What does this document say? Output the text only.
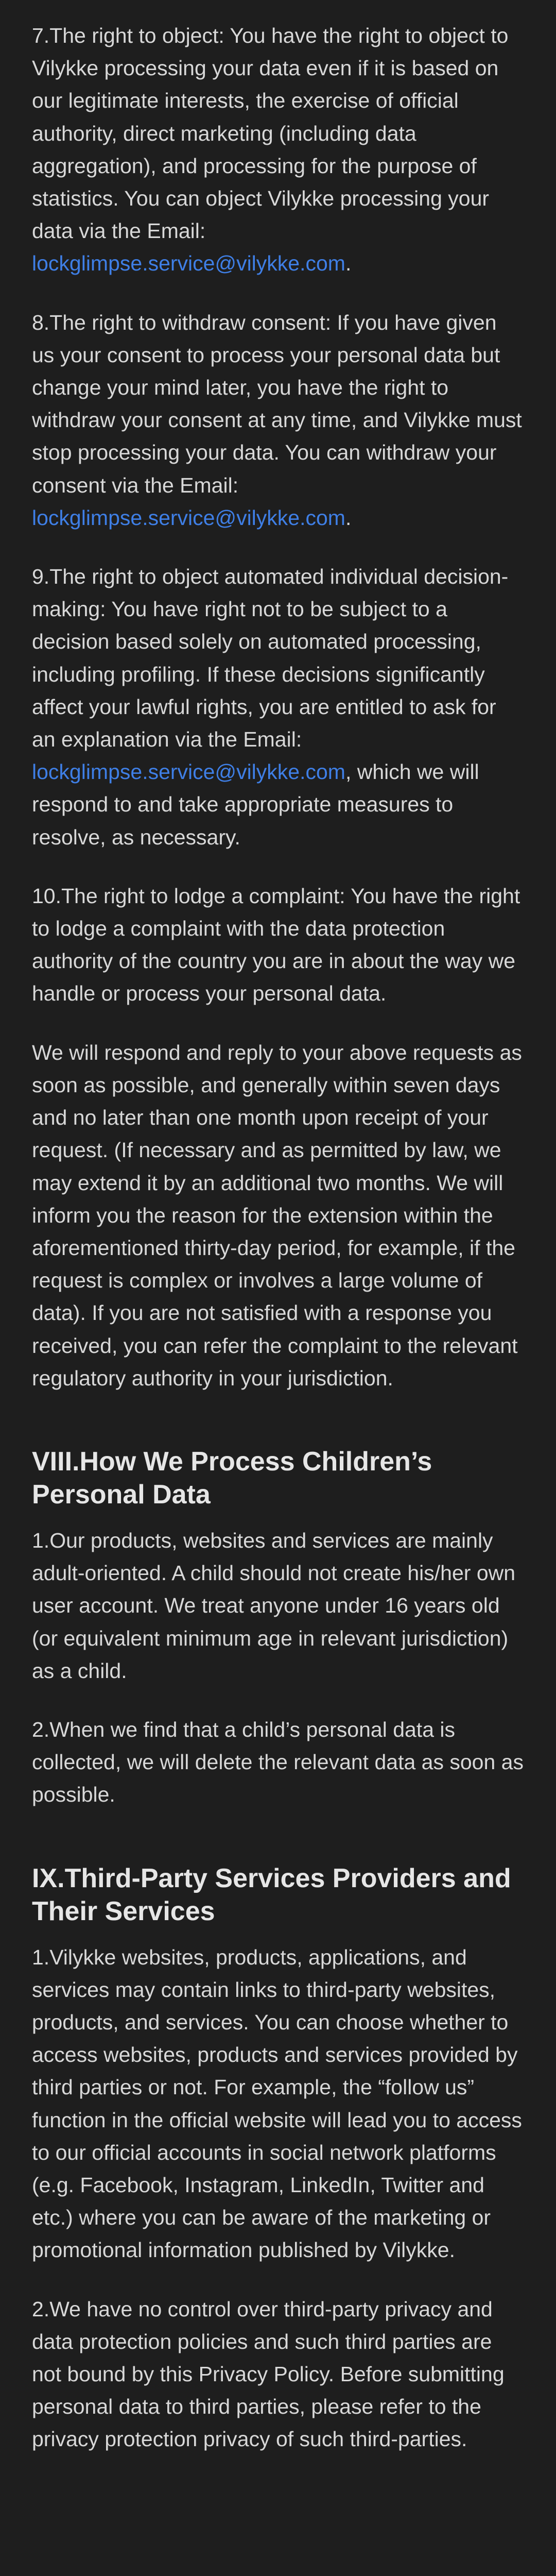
7.The right to object: You have the right to object to Vilykke processing your data even if it is based on our legitimate interests, the exercise of official authority, direct marketing (including data aggregation), and processing for the purpose of statistics. You can object Vilykke processing your data via the Email: lockglimpse.service@vilykke.com.

8.The right to withdraw consent: If you have given us your consent to process your personal data but change your mind later, you have the right to withdraw your consent at any time, and Vilykke must stop processing your data. You can withdraw your consent via the Email: lockglimpse.service@vilykke.com.

9.The right to object automated individual decision-making: You have right not to be subject to a decision based solely on automated processing, including profiling. If these decisions significantly affect your lawful rights, you are entitled to ask for an explanation via the Email: lockglimpse.service@vilykke.com, which we will respond to and take appropriate measures to resolve, as necessary.

10.The right to lodge a complaint: You have the right to lodge a complaint with the data protection authority of the country you are in about the way we handle or process your personal data.

We will respond and reply to your above requests as soon as possible, and generally within seven days and no later than one month upon receipt of your request. (If necessary and as permitted by law, we may extend it by an additional two months. We will inform you the reason for the extension within the aforementioned thirty-day period, for example, if the request is complex or involves a large volume of data). If you are not satisfied with a response you received, you can refer the complaint to the relevant regulatory authority in your jurisdiction.

VIII.How We Process Children’s Personal Data

1.Our products, websites and services are mainly adult-oriented. A child should not create his/her own user account. We treat anyone under 16 years old (or equivalent minimum age in relevant jurisdiction) as a child.

2.When we find that a child’s personal data is collected, we will delete the relevant data as soon as possible.

IX.Third-Party Services Providers and Their Services

1.Vilykke websites, products, applications, and services may contain links to third-party websites, products, and services. You can choose whether to access websites, products and services provided by third parties or not. For example, the “follow us” function in the official website will lead you to access to our official accounts in social network platforms (e.g. Facebook, Instagram, LinkedIn, Twitter and etc.) where you can be aware of the marketing or promotional information published by Vilykke.

2.We have no control over third-party privacy and data protection policies and such third parties are not bound by this Privacy Policy. Before submitting personal data to third parties, please refer to the privacy protection privacy of such third-parties.
